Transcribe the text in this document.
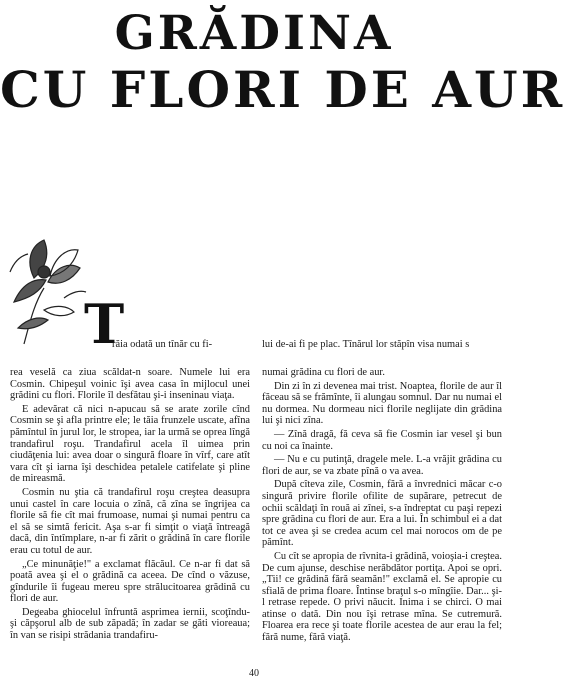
GRĂDINA
CU FLORI DE AUR
T
răia odată un tînăr cu fi-	lui de-ai fi pe plac. Tînărul lor stăpîn visa numai s

rea veselă ca ziua scăldat-n soare. Numele lui era Cosmin. Chipeşul voinic îşi avea casa în mijlocul unei grădini cu flori. Florile îl desfătau şi-i inseninau viaţa.

E adevărat că nici n-apucau să se arate zorile cînd Cosmin se şi afla printre ele; le tăia frunzele uscate, afîna pămîntul în jurul lor, le stropea, iar la urmă se oprea lîngă trandafirul roşu. Trandafirul acela îl uimea prin ciudăţenia lui: avea doar o singură floare în vîrf, care atît vara cît şi iarna îşi deschidea petalele catifelate şi pline de mireasmă.

Cosmin nu ştia că trandafirul roşu creştea deasupra unui castel în care locuia o zînă, că zîna se îngrijea ca florile să fie cît mai frumoase, numai şi numai pentru ca el să se simtă fericit. Aşa s-ar fi simţit o viaţă întreagă dacă, din întîmplare, n-ar fi zărit o grădină în care florile erau cu totul de aur.

„Ce minunăţie!" a exclamat flăcăul. Ce n-ar fi dat să poată avea şi el o grădină ca aceea. De cînd o văzuse, gîndurile îi fugeau mereu spre strălucitoarea grădină cu flori de aur.

Degeaba ghiocelul înfruntă asprimea iernii, scoţîndu-şi căpşorul alb de sub zăpadă; în zadar se găti vioreaua; în van se risipi strădania trandafiru-

numai grădina cu flori de aur.

Din zi în zi devenea mai trist. Noaptea, florile de aur îl făceau să se frămînte, îi alungau somnul. Dar nu numai el nu dormea. Nu dormeau nici florile neglijate din grădina lui şi nici zîna.

— Zînă dragă, fă ceva să fie Cosmin iar vesel şi bun cu noi ca înainte.

— Nu e cu putinţă, dragele mele. L-a vrăjit grădina cu flori de aur, se va zbate pînă o va avea.

După cîteva zile, Cosmin, fără a învrednici măcar c-o singură privire florile ofilite de supărare, petrecut de ochii scăldaţi în rouă ai zînei, s-a îndreptat cu paşi repezi spre grădina cu flori de aur. Era a lui. În schimbul ei a dat tot ce avea şi se credea acum cel mai norocos om de pe pămînt.

Cu cît se apropia de rîvnita-i grădină, voioşia-i creştea. De cum ajunse, deschise nerăbdător portiţa. Apoi se opri. „Tii! ce grădină fără seamăn!" exclamă el. Se apropie cu sfială de prima floare. Întinse braţul s-o mîngîie. Dar... şi-l retrase repede. O privi năucit. Inima i se chirci. O mai atinse o dată. Din nou îşi retrase mîna. Se cutremură. Floarea era rece şi toate florile acestea de aur erau la fel; fără nume, fără viaţă.

40
